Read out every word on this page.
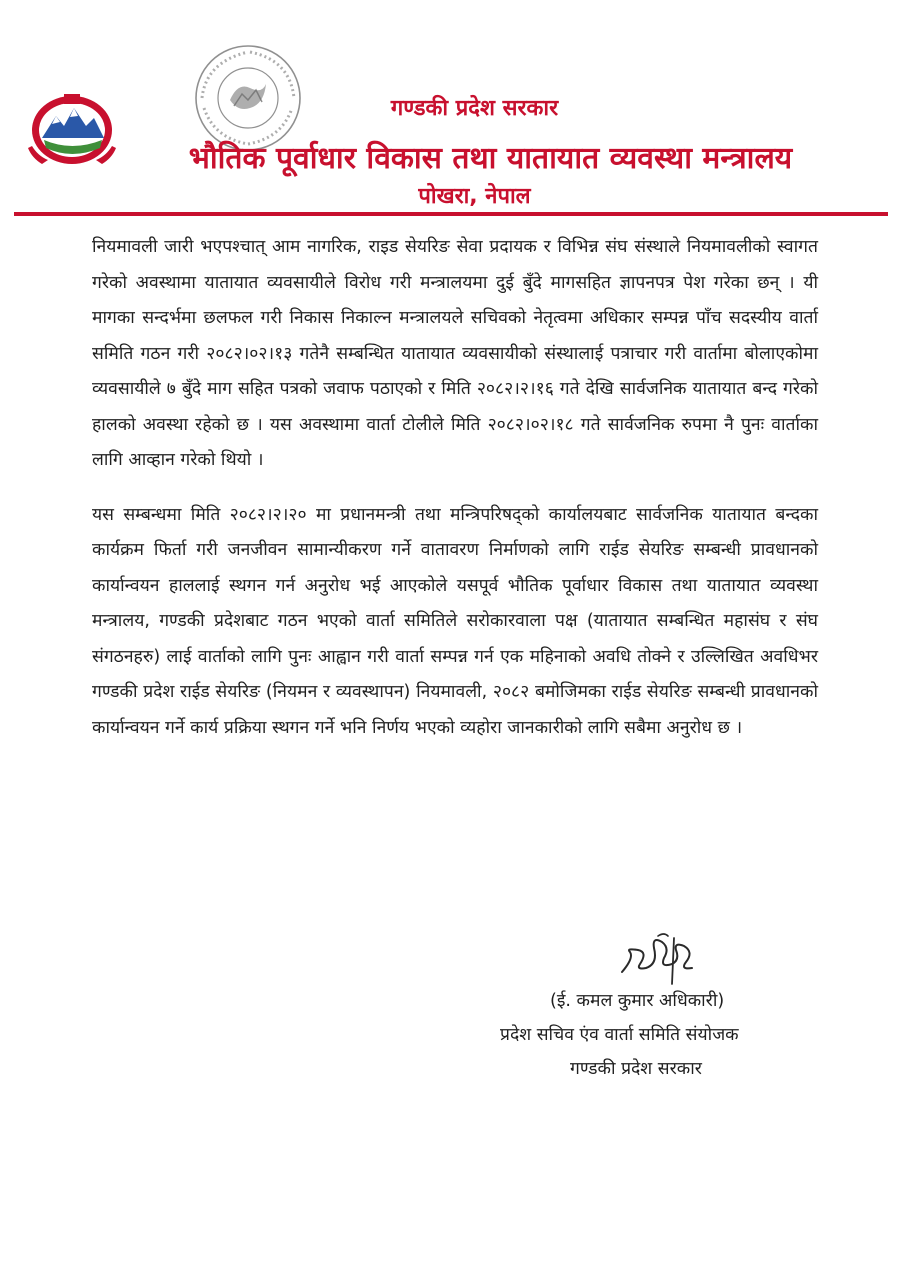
गण्डकी प्रदेश सरकार

भौतिक पूर्वाधार विकास तथा यातायात व्यवस्था मन्त्रालय

पोखरा, नेपाल

नियमावली जारी भएपश्चात् आम नागरिक, राइड सेयरिङ सेवा प्रदायक र विभिन्न संघ संस्थाले नियमावलीको स्वागत गरेको अवस्थामा यातायात व्यवसायीले विरोध गरी मन्त्रालयमा दुई बुँदे मागसहित ज्ञापनपत्र पेश गरेका छन् । यी मागका सन्दर्भमा छलफल गरी निकास निकाल्न मन्त्रालयले सचिवको नेतृत्वमा अधिकार सम्पन्न पाँच सदस्यीय वार्ता समिति गठन गरी २०८२।०२।१३ गतेनै सम्बन्धित यातायात व्यवसायीको संस्थालाई पत्राचार गरी वार्तामा बोलाएकोमा व्यवसायीले ७ बुँदे माग सहित पत्रको जवाफ पठाएको र मिति २०८२।२।१६ गते देखि सार्वजनिक यातायात बन्द गरेको हालको अवस्था रहेको छ । यस अवस्थामा वार्ता टोलीले मिति २०८२।०२।१८ गते सार्वजनिक रुपमा नै पुनः वार्ताका लागि आव्हान गरेको थियो ।

यस सम्बन्धमा मिति २०८२।२।२० मा प्रधानमन्त्री तथा मन्त्रिपरिषद्को कार्यालयबाट सार्वजनिक यातायात बन्दका कार्यक्रम फिर्ता गरी जनजीवन सामान्यीकरण गर्ने वातावरण निर्माणको लागि राईड सेयरिङ सम्बन्धी प्रावधानको कार्यान्वयन हाललाई स्थगन गर्न अनुरोध भई आएकोले यसपूर्व भौतिक पूर्वाधार विकास तथा यातायात व्यवस्था मन्त्रालय, गण्डकी प्रदेशबाट गठन भएको वार्ता समितिले सरोकारवाला पक्ष (यातायात सम्बन्धित महासंघ र संघ संगठनहरु) लाई वार्ताको लागि पुनः आह्वान गरी वार्ता सम्पन्न गर्न एक महिनाको अवधि तोक्ने र उल्लिखित अवधिभर गण्डकी प्रदेश राईड सेयरिङ (नियमन र व्यवस्थापन) नियमावली, २०८२ बमोजिमका राईड सेयरिङ सम्बन्धी प्रावधानको कार्यान्वयन गर्ने कार्य प्रक्रिया स्थगन गर्ने भनि निर्णय भएको व्यहोरा जानकारीको लागि सबैमा अनुरोध छ ।

(ई. कमल कुमार अधिकारी)
प्रदेश सचिव एंव वार्ता समिति संयोजक
गण्डकी प्रदेश सरकार
